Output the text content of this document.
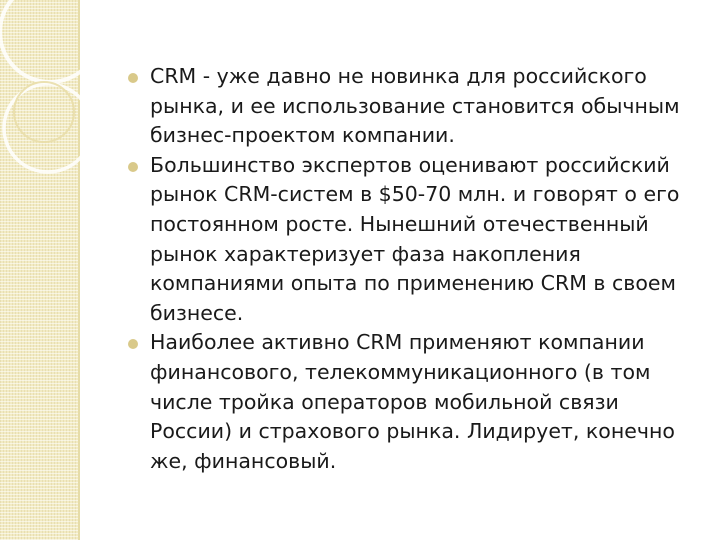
CRM - уже давно не новинка для российского рынка, и ее использование становится обычным бизнес-проектом компании.
Большинство экспертов оценивают российский рынок CRM-систем в $50-70 млн. и говорят о его постоянном росте. Нынешний отечественный рынок характеризует фаза накопления компаниями опыта по применению CRM в своем бизнесе.
Наиболее активно CRM применяют компании финансового, телекоммуникационного (в том числе тройка операторов мобильной связи России) и страхового рынка. Лидирует, конечно же, финансовый.
